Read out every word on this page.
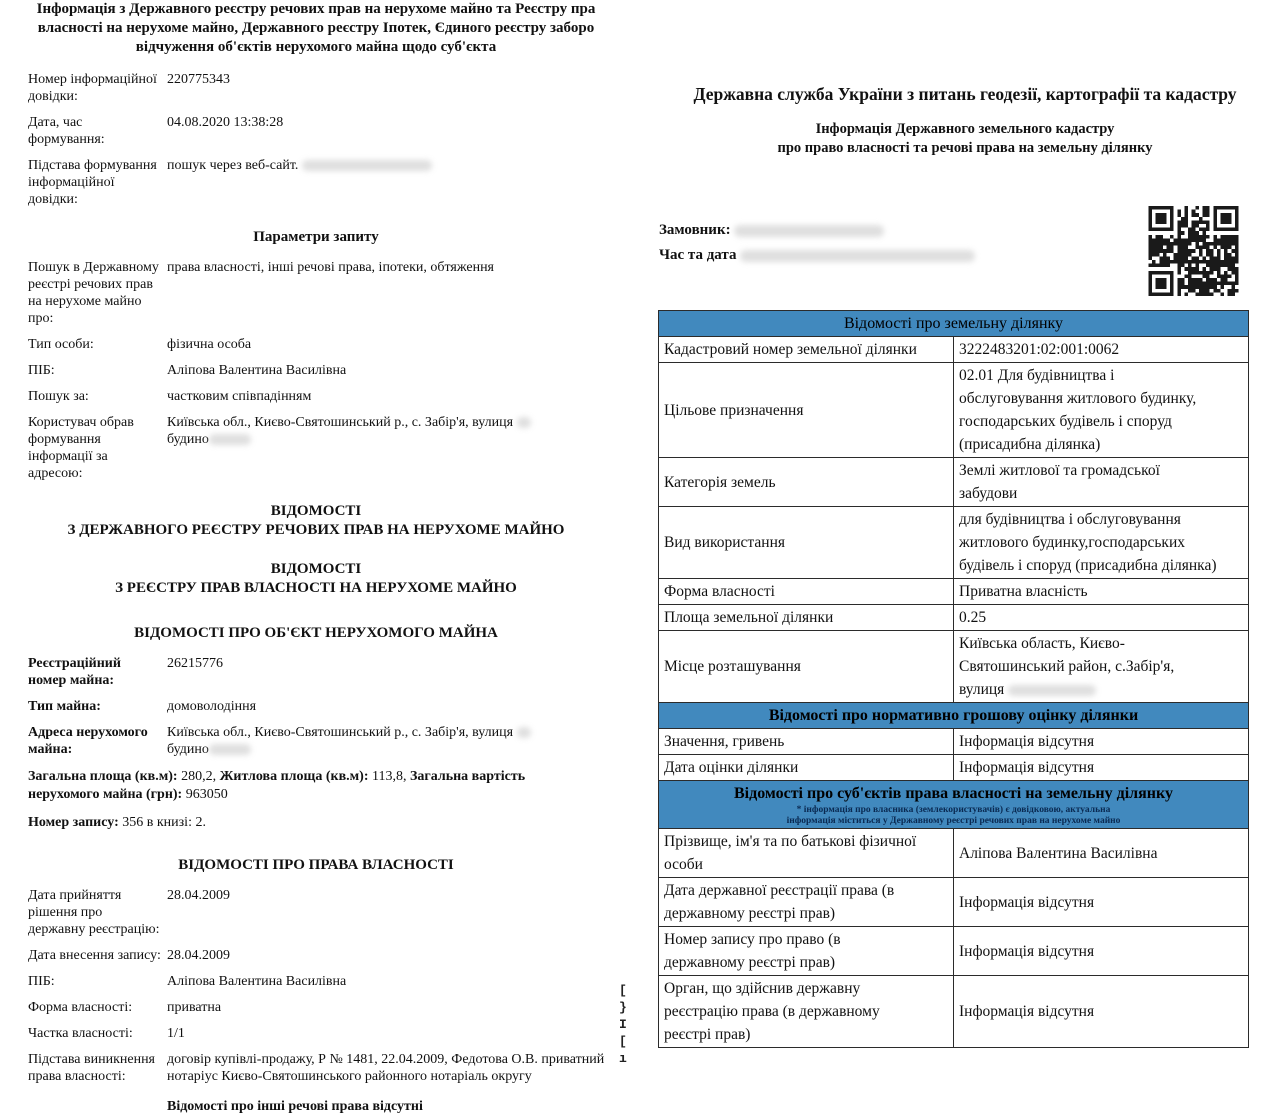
Інформація з Державного реєстру речових прав на нерухоме майно та Реєстру пра
власності на нерухоме майно, Державного реєстру Іпотек, Єдиного реєстру заборо
відчуження об'єктів нерухомого майна щодо суб'єкта
Номер інформаційної довідки:
220775343
Дата, час формування:
04.08.2020 13:38:28
Підстава формування інформаційної довідки:
пошук через веб-сайт.
Параметри запиту
Пошук в Державному реєстрі речових прав на нерухоме майно про:
права власності, інші речові права, іпотеки, обтяження
Тип особи:	фізична особа
ПІБ:	Аліпова Валентина Василівна
Пошук за:	частковим співпадінням
Користувач обрав формування інформації за адресою:
Київська обл., Києво-Святошинський р., с. Забір'я, вулиця
будино
ВІДОМОСТІ
З ДЕРЖАВНОГО РЕЄСТРУ РЕЧОВИХ ПРАВ НА НЕРУХОМЕ МАЙНО
ВІДОМОСТІ
З РЕЄСТРУ ПРАВ ВЛАСНОСТІ НА НЕРУХОМЕ МАЙНО
ВІДОМОСТІ ПРО ОБ'ЄКТ НЕРУХОМОГО МАЙНА
Реєстраційний номер майна:
26215776
Тип майна:	домоволодіння
Адреса нерухомого майна:
Київська обл., Києво-Святошинський р., с. Забір'я, вулиця
будино

Загальна площа (кв.м): 280,2, Житлова площа (кв.м): 113,8, Загальна вартість нерухомого майна (грн): 963050

Номер запису: 356 в книзі: 2.

ВІДОМОСТІ ПРО ПРАВА ВЛАСНОСТІ
Дата прийняття рішення про державну реєстрацію:
28.04.2009
Дата внесення запису: 28.04.2009
ПІБ:	Аліпова Валентина Василівна
Форма власності:	приватна
Частка власності:	1/1
Підстава виникнення права власності:
договір купівлі-продажу, Р № 1481, 22.04.2009, Федотова О.В. приватний нотаріус Києво-Святошинського районного нотаріаль округу

Відомості про інші речові права відсутні

Державна служба України з питань геодезії, картографії та кадастру
Інформація Державного земельного кадастру
про право власності та речові права на земельну ділянку
Замовник:
Час та дата
Відомості про земельну ділянку	
Кадастровий номер земельної ділянки	3222483201:02:001:0062
Цільове призначення	02.01 Для будівництва і
обслуговування житлового будинку,
господарських будівель і споруд
(присадибна ділянка)
Категорія земель	Землі житлової та громадської
забудови
Вид використання	для будівництва і обслуговування
житлового будинку,господарських
будівель і споруд (присадибна ділянка)
Форма власності	Приватна власність
Площа земельної ділянки	0.25
Місце розташування	Київська область, Києво-
Святошинський район, с.Забір'я,
вулиця
Відомості про нормативно грошову оцінку ділянки	
Значення, гривень	Інформація відсутня
Дата оцінки ділянки	Інформація відсутня
Відомості про суб'єктів права власності на земельну ділянку
* інформація про власника (землекористувачів) є довідковою, актуальна
інформація міститься у Державному реєстрі речових прав на нерухоме майно	

Прізвище, ім'я та по батькові фізичної
особи	Аліпова Валентина Василівна
Дата державної реєстрації права (в
державному реєстрі прав)	Інформація відсутня
Номер запису про право (в
державному реєстрі прав)	Інформація відсутня
Орган, що здійснив державну
реєстрацію права (в державному
реєстрі прав)	Інформація відсутня
[
}
I
[
ı
